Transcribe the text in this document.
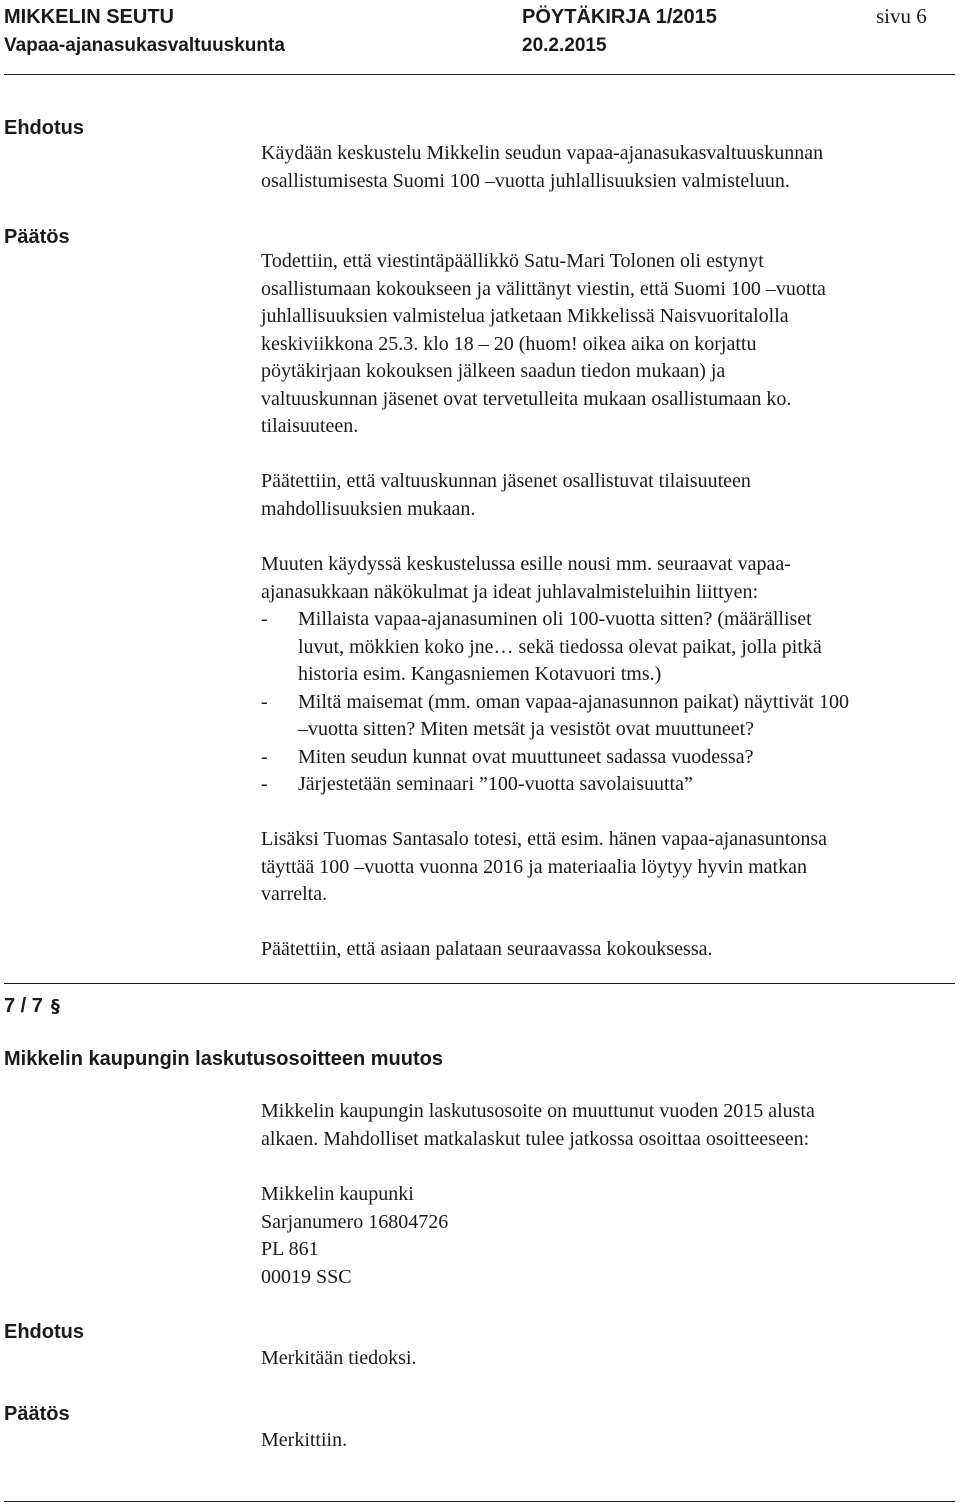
MIKKELIN SEUTU	PÖYTÄKIRJA 1/2015	sivu 6
Vapaa-ajanasukasvaltuuskunta	20.2.2015
Ehdotus
Käydään keskustelu Mikkelin seudun vapaa-ajanasukasvaltuuskunnan
osallistumisesta Suomi 100 –vuotta juhlallisuuksien valmisteluun.
Päätös
Todettiin, että viestintäpäällikkö Satu-Mari Tolonen oli estynyt
osallistumaan kokoukseen ja välittänyt viestin, että Suomi 100 –vuotta
juhlallisuuksien valmistelua jatketaan Mikkelissä Naisvuoritalolla
keskiviikkona 25.3. klo 18 – 20 (huom! oikea aika on korjattu
pöytäkirjaan kokouksen jälkeen saadun tiedon mukaan) ja
valtuuskunnan jäsenet ovat tervetulleita mukaan osallistumaan ko.
tilaisuuteen.
Päätettiin, että valtuuskunnan jäsenet osallistuvat tilaisuuteen
mahdollisuuksien mukaan.
Muuten käydyssä keskustelussa esille nousi mm. seuraavat vapaa-
ajanasukkaan näkökulmat ja ideat juhlavalmisteluihin liittyen:
- Millaista vapaa-ajanasuminen oli 100-vuotta sitten? (määrälliset
luvut, mökkien koko jne… sekä tiedossa olevat paikat, jolla pitkä
historia esim. Kangasniemen Kotavuori tms.)
- Miltä maisemat (mm. oman vapaa-ajanasunnon paikat) näyttivät 100
–vuotta sitten? Miten metsät ja vesistöt ovat muuttuneet?
- Miten seudun kunnat ovat muuttuneet sadassa vuodessa?
- Järjestetään seminaari ”100-vuotta savolaisuutta”
Lisäksi Tuomas Santasalo totesi, että esim. hänen vapaa-ajanasuntonsa
täyttää 100 –vuotta vuonna 2016 ja materiaalia löytyy hyvin matkan
varrelta.
Päätettiin, että asiaan palataan seuraavassa kokouksessa.
7 / 7 §
Mikkelin kaupungin laskutusosoitteen muutos
Mikkelin kaupungin laskutusosoite on muuttunut vuoden 2015 alusta
alkaen. Mahdolliset matkalaskut tulee jatkossa osoittaa osoitteeseen:
Mikkelin kaupunki
Sarjanumero 16804726
PL 861
00019 SSC
Ehdotus
Merkitään tiedoksi.
Päätös
Merkittiin.
